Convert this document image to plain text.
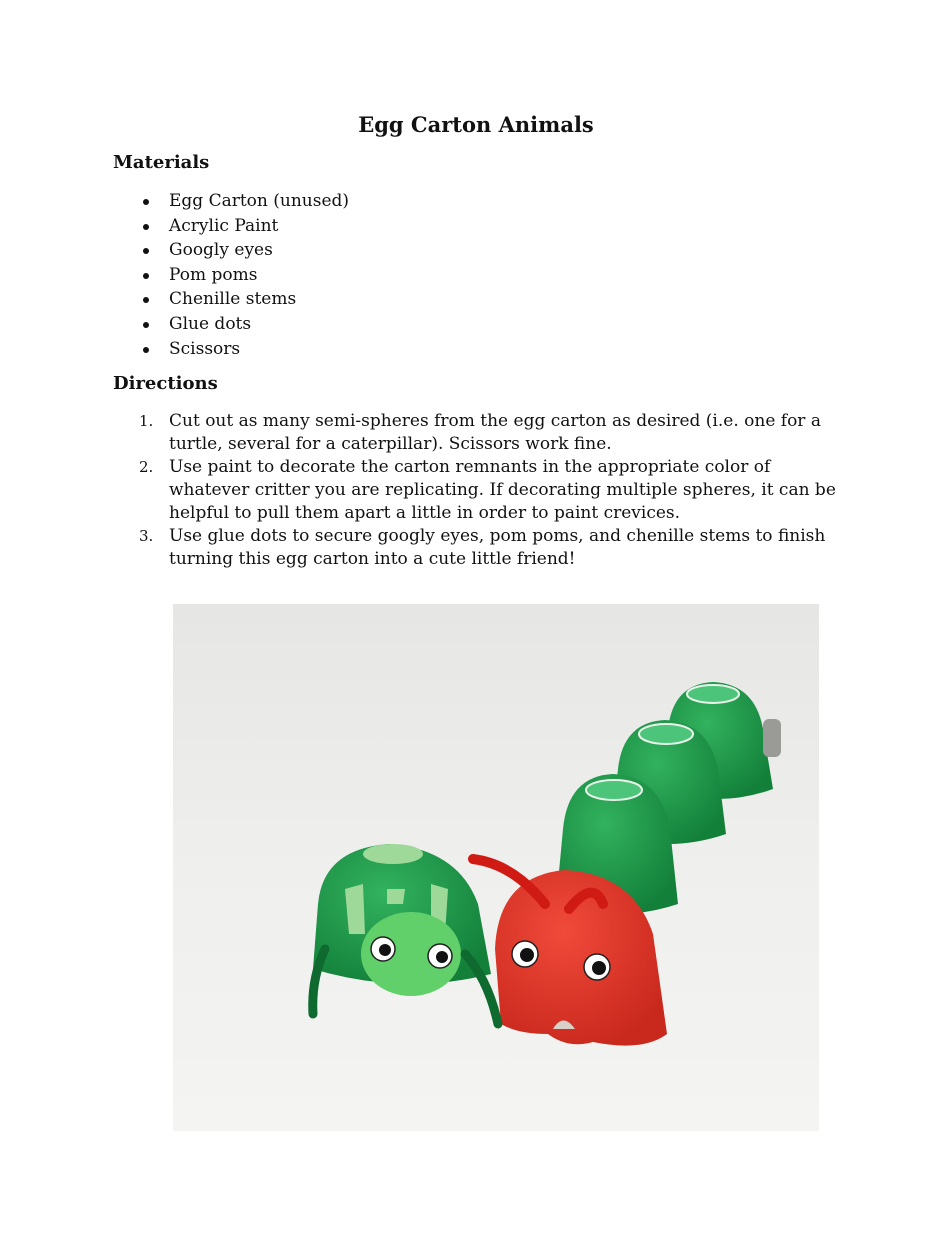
Egg Carton Animals
Materials
Egg Carton (unused)
Acrylic Paint
Googly eyes
Pom poms
Chenille stems
Glue dots
Scissors
Directions
1. Cut out as many semi-spheres from the egg carton as desired (i.e. one for a turtle, several for a caterpillar). Scissors work fine.
2. Use paint to decorate the carton remnants in the appropriate color of whatever critter you are replicating. If decorating multiple spheres, it can be helpful to pull them apart a little in order to paint crevices.
3. Use glue dots to secure googly eyes, pom poms, and chenille stems to finish turning this egg carton into a cute little friend!
